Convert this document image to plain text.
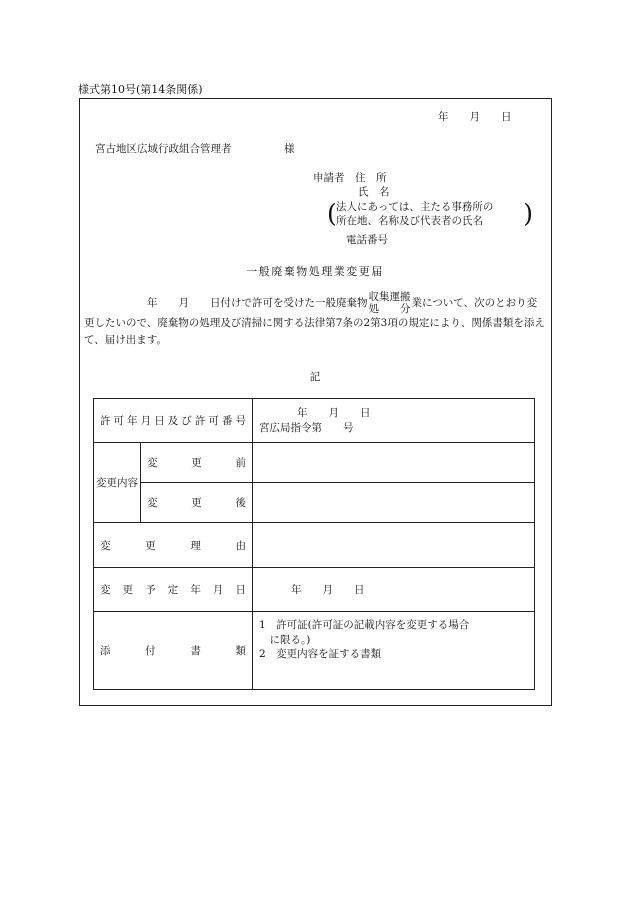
様式第10号(第14条関係)
年　　月　　日
宮古地区広域行政組合管理者　　　　　様
申請者　 住　所
氏　名
( 法人にあっては、主たる事務所の
所在地、名称及び代表者の氏名	)
電話番号
一般廃棄物処理業変更届
　　　　　　年　　月　　日付けで許可を受けた一般廃棄物 収集運搬
処　　分 業について、次のとおり変更したいので、廃棄物の処理及び清掃に関する法律第7条の2第3項の規定により、関係書類を添えて、届け出ます。
記
許可年月日及び許可番号		年　　月　　日
宮広局指令第　　号

変更内容	変　　更　　前	
	変　　更　　後	
変　　更　　理　　由		
変更予定年月日		年　　月　　日
添　　付　　書　　類		1　許可証(許可証の記載内容を変更する場合
　に限る。)
2　変更内容を証する書類
